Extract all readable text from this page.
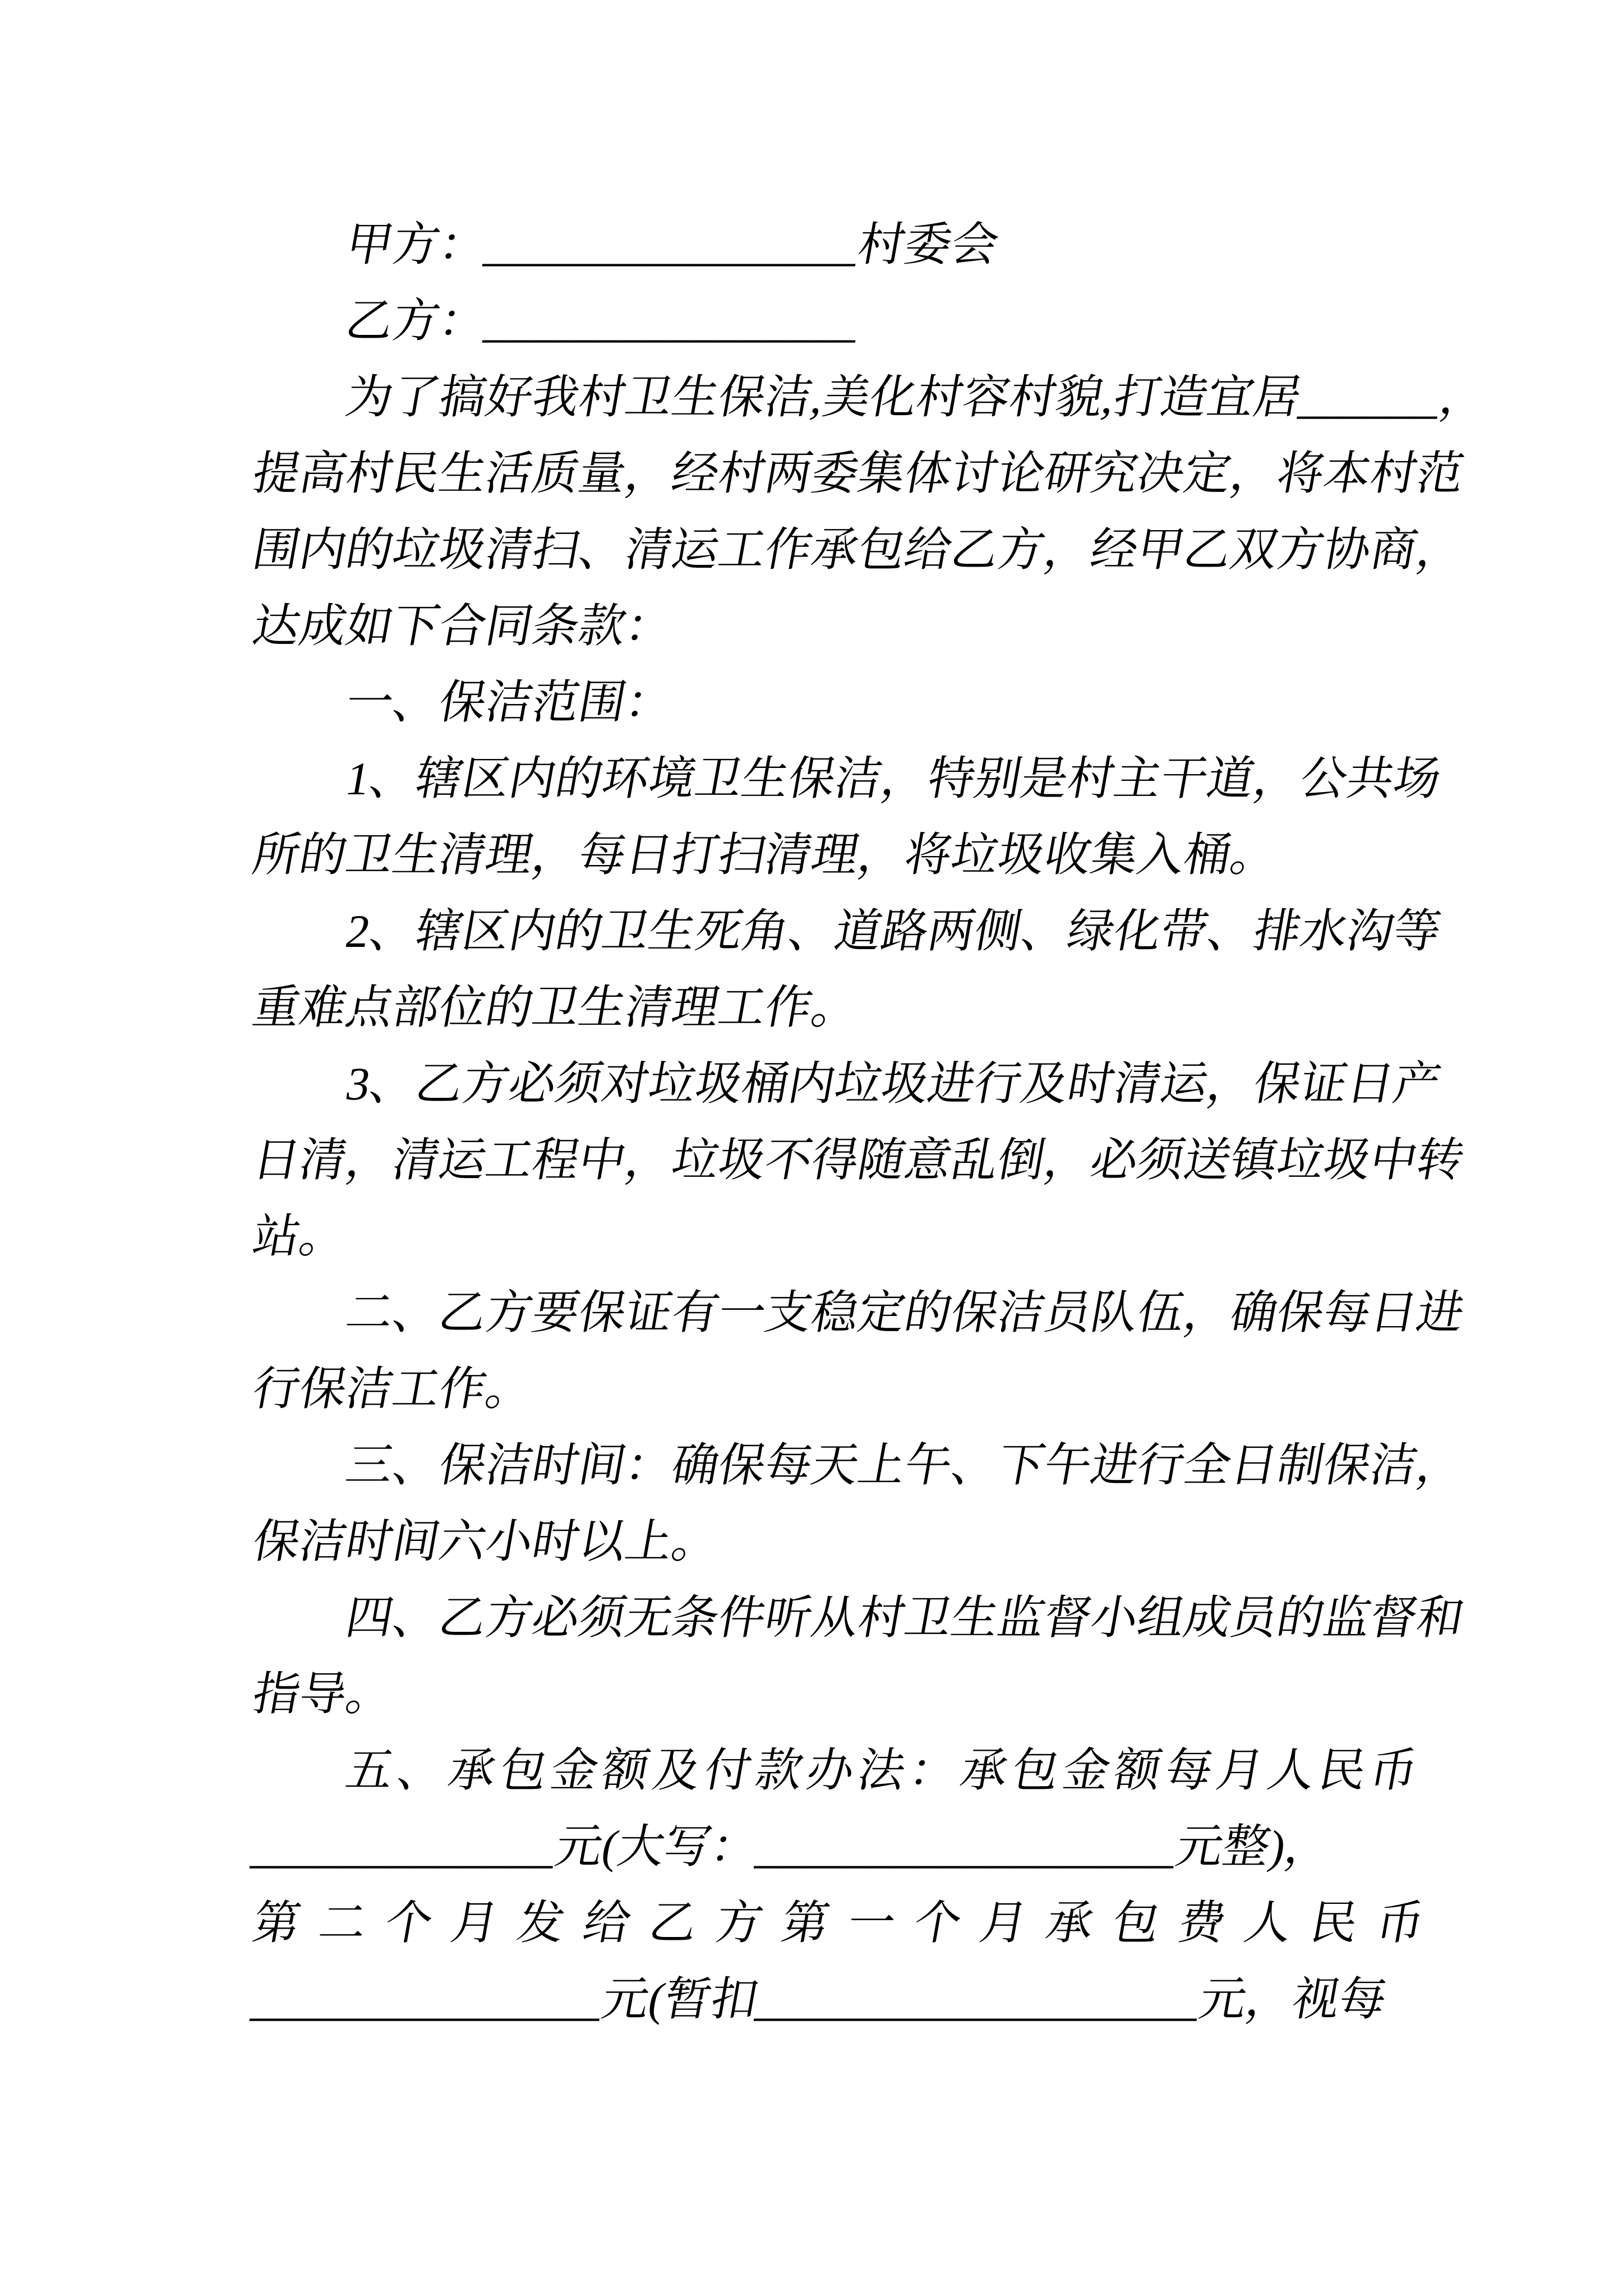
甲方：________________村委会

乙方：________________

为了搞好我村卫生保洁,美化村容村貌,打造宜居______，

提高村民生活质量，经村两委集体讨论研究决定，将本村范

围内的垃圾清扫、清运工作承包给乙方，经甲乙双方协商，

达成如下合同条款：

一、保洁范围：

1、辖区内的环境卫生保洁，特别是村主干道，公共场

所的卫生清理，每日打扫清理，将垃圾收集入桶。

2、辖区内的卫生死角、道路两侧、绿化带、排水沟等

重难点部位的卫生清理工作。

3、乙方必须对垃圾桶内垃圾进行及时清运，保证日产

日清，清运工程中，垃圾不得随意乱倒，必须送镇垃圾中转

站。

二、乙方要保证有一支稳定的保洁员队伍，确保每日进

行保洁工作。

三、保洁时间：确保每天上午、下午进行全日制保洁，

保洁时间六小时以上。

四、乙方必须无条件听从村卫生监督小组成员的监督和

指导。

五、承包金额及付款办法：承包金额每月人民币

_____________元(大写：__________________元整)，

第二个月发给乙方第一个月承包费人民币

_______________元(暂扣___________________元，视每
